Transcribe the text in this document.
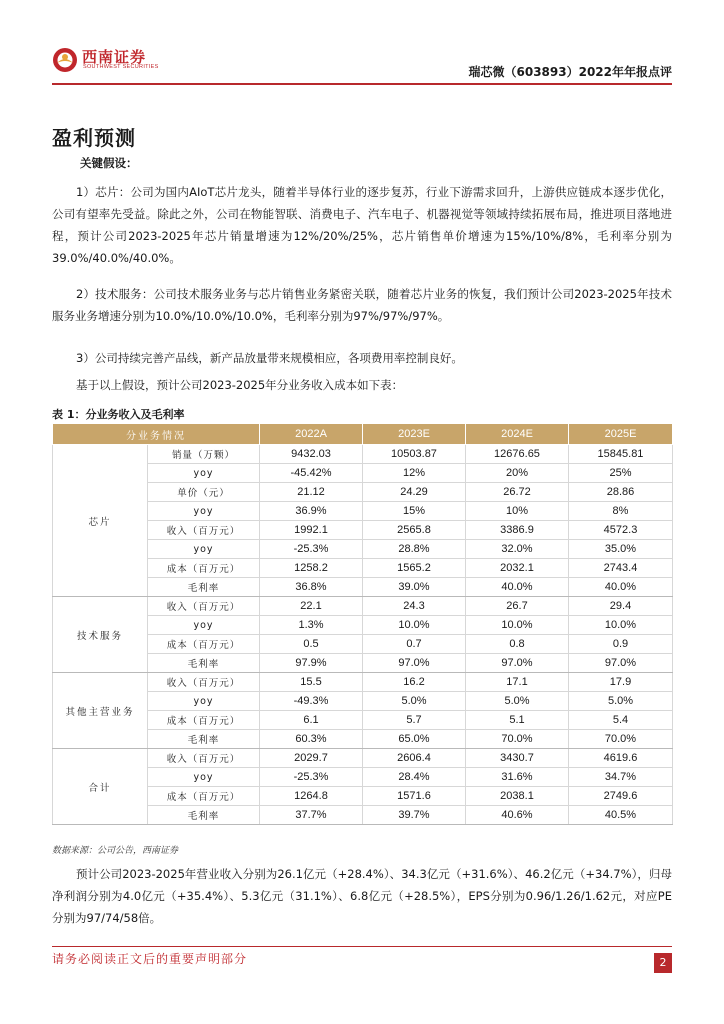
西南证券
SOUTHWEST SECURITIES	瑞芯微（603893）2022年年报点评
盈利预测

关键假设：

1）芯片：公司为国内AIoT芯片龙头，随着半导体行业的逐步复苏，行业下游需求回升，上游供应链成本逐步优化，公司有望率先受益。除此之外，公司在物能智联、消费电子、汽车电子、机器视觉等领域持续拓展布局，推进项目落地进程，预计公司2023-2025年芯片销量增速为12%/20%/25%，芯片销售单价增速为15%/10%/8%，毛利率分别为39.0%/40.0%/40.0%。

2）技术服务：公司技术服务业务与芯片销售业务紧密关联，随着芯片业务的恢复，我们预计公司2023-2025年技术服务业务增速分别为10.0%/10.0%/10.0%，毛利率分别为97%/97%/97%。

3）公司持续完善产品线，新产品放量带来规模相应，各项费用率控制良好。

基于以上假设，预计公司2023-2025年分业务收入成本如下表：

表 1：分业务收入及毛利率
分业务情况		2022A	2023E	2024E	2025E
芯片	销量（万颗）	9432.03	10503.87	12676.65	15845.81
	yoy	-45.42%	12%	20%	25%
	单价（元）	21.12	24.29	26.72	28.86
	yoy	36.9%	15%	10%	8%
	收入（百万元）	1992.1	2565.8	3386.9	4572.3
	yoy	-25.3%	28.8%	32.0%	35.0%
	成本（百万元）	1258.2	1565.2	2032.1	2743.4
	毛利率	36.8%	39.0%	40.0%	40.0%
技术服务	收入（百万元）	22.1	24.3	26.7	29.4
	yoy	1.3%	10.0%	10.0%	10.0%
	成本（百万元）	0.5	0.7	0.8	0.9
	毛利率	97.9%	97.0%	97.0%	97.0%
其他主营业务	收入（百万元）	15.5	16.2	17.1	17.9
	yoy	-49.3%	5.0%	5.0%	5.0%
	成本（百万元）	6.1	5.7	5.1	5.4
	毛利率	60.3%	65.0%	70.0%	70.0%
合计	收入（百万元）	2029.7	2606.4	3430.7	4619.6
	yoy	-25.3%	28.4%	31.6%	34.7%
	成本（百万元）	1264.8	1571.6	2038.1	2749.6
	毛利率	37.7%	39.7%	40.6%	40.5%
数据来源：公司公告，西南证券

预计公司2023-2025年营业收入分别为26.1亿元（+28.4%）、34.3亿元（+31.6%）、46.2亿元（+34.7%），归母净利润分别为4.0亿元（+35.4%）、5.3亿元（31.1%）、6.8亿元（+28.5%），EPS分别为0.96/1.26/1.62元，对应PE分别为97/74/58倍。

请务必阅读正文后的重要声明部分	2
